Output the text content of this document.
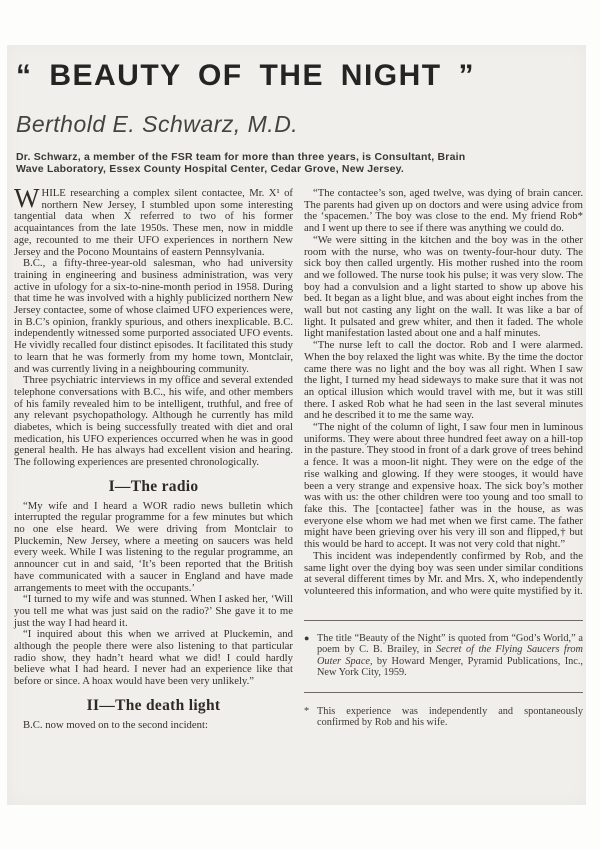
“ BEAUTY OF THE NIGHT ”
Berthold E. Schwarz, M.D.

Dr. Schwarz, a member of the FSR team for more than three years, is Consultant, Brain Wave Laboratory, Essex County Hospital Center, Cedar Grove, New Jersey.

WHILE researching a complex silent contactee, Mr. X¹ of northern New Jersey, I stumbled upon some interesting tangential data when X referred to two of his former acquaintances from the late 1950s. These men, now in middle age, recounted to me their UFO experiences in northern New Jersey and the Pocono Mountains of eastern Pennsylvania.

B.C., a fifty-three-year-old salesman, who had university training in engineering and business administration, was very active in ufology for a six-to-nine-month period in 1958. During that time he was involved with a highly publicized northern New Jersey contactee, some of whose claimed UFO experiences were, in B.C’s opinion, frankly spurious, and others inexplicable. B.C. independently witnessed some purported associated UFO events. He vividly recalled four distinct episodes. It facilitated this study to learn that he was formerly from my home town, Montclair, and was currently living in a neighbouring community.

Three psychiatric interviews in my office and several extended telephone conversations with B.C., his wife, and other members of his family revealed him to be intelligent, truthful, and free of any relevant psychopathology. Although he currently has mild diabetes, which is being successfully treated with diet and oral medication, his UFO experiences occurred when he was in good general health. He has always had excellent vision and hearing. The following experiences are presented chronologically.

I—The radio

“My wife and I heard a WOR radio news bulletin which interrupted the regular programme for a few minutes but which no one else heard. We were driving from Montclair to Pluckemin, New Jersey, where a meeting on saucers was held every week. While I was listening to the regular programme, an announcer cut in and said, ‘It’s been reported that the British have communicated with a saucer in England and have made arrangements to meet with the occupants.’

“I turned to my wife and was stunned. When I asked her, ‘Will you tell me what was just said on the radio?’ She gave it to me just the way I had heard it.

“I inquired about this when we arrived at Pluckemin, and although the people there were also listening to that particular radio show, they hadn’t heard what we did! I could hardly believe what I had heard. I never had an experience like that before or since. A hoax would have been very unlikely.”

II—The death light

B.C. now moved on to the second incident:

“The contactee’s son, aged twelve, was dying of brain cancer. The parents had given up on doctors and were using advice from the ‘spacemen.’ The boy was close to the end. My friend Rob* and I went up there to see if there was anything we could do.

“We were sitting in the kitchen and the boy was in the other room with the nurse, who was on twenty-four-hour duty. The sick boy then called urgently. His mother rushed into the room and we followed. The nurse took his pulse; it was very slow. The boy had a convulsion and a light started to show up above his bed. It began as a light blue, and was about eight inches from the wall but not casting any light on the wall. It was like a bar of light. It pulsated and grew whiter, and then it faded. The whole light manifestation lasted about one and a half minutes.

“The nurse left to call the doctor. Rob and I were alarmed. When the boy relaxed the light was white. By the time the doctor came there was no light and the boy was all right. When I saw the light, I turned my head sideways to make sure that it was not an optical illusion which would travel with me, but it was still there. I asked Rob what he had seen in the last several minutes and he described it to me the same way.

“The night of the column of light, I saw four men in luminous uniforms. They were about three hundred feet away on a hill-top in the pasture. They stood in front of a dark grove of trees behind a fence. It was a moon-lit night. They were on the edge of the rise walking and glowing. If they were stooges, it would have been a very strange and expensive hoax. The sick boy’s mother was with us: the other children were too young and too small to fake this. The [contactee] father was in the house, as was everyone else whom we had met when we first came. The father might have been grieving over his very ill son and flipped,† but this would be hard to accept. It was not very cold that night.”

This incident was independently confirmed by Rob, and the same light over the dying boy was seen under similar conditions at several different times by Mr. and Mrs. X, who independently volunteered this information, and who were quite mystified by it.

● The title “Beauty of the Night” is quoted from “God’s World,” a poem by C. B. Brailey, in Secret of the Flying Saucers from Outer Space, by Howard Menger, Pyramid Publications, Inc., New York City, 1959.
* This experience was independently and spontaneously confirmed by Rob and his wife.
